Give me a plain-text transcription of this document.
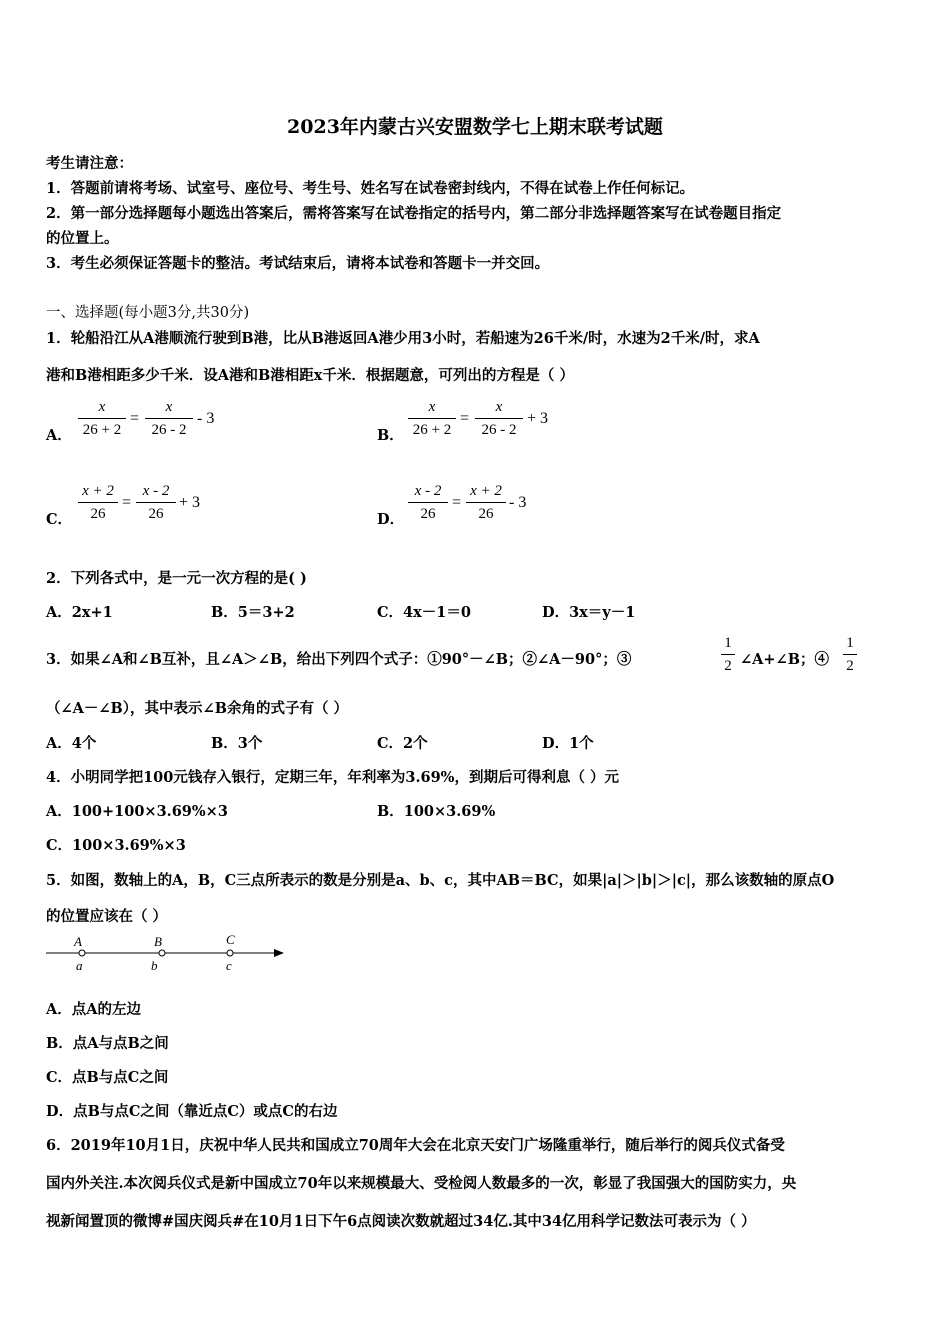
2023年内蒙古兴安盟数学七上期末联考试题
考生请注意：
1．答题前请将考场、试室号、座位号、考生号、姓名写在试卷密封线内，不得在试卷上作任何标记。
2．第一部分选择题每小题选出答案后，需将答案写在试卷指定的括号内，第二部分非选择题答案写在试卷题目指定
的位置上。
3．考生必须保证答题卡的整洁。考试结束后，请将本试卷和答题卡一并交回。
一、选择题(每小题3分,共30分)
1．轮船沿江从A港顺流行驶到B港，比从B港返回A港少用3小时，若船速为26千米/时，水速为2千米/时，求A
港和B港相距多少千米．设A港和B港相距x千米．根据题意，可列出的方程是（ ）
A．
x
26 + 2
=
x
26 - 2
- 3
B．
x
26 + 2
=
x
26 - 2
+ 3
C．
x + 2
26
=
x - 2
26
+ 3
D．
x - 2
26
=
x + 2
26
- 3
2．下列各式中，是一元一次方程的是( )
A．2x+1	B．5＝3+2	C．4x－1＝0	D．3x＝y－1
3．如果∠A和∠B互补，且∠A＞∠B，给出下列四个式子：①90°－∠B；②∠A－90°；③
1
2 ∠A+∠B；④
1
2
（∠A－∠B），其中表示∠B余角的式子有（ ）
A．4个	B．3个	C．2个	D．1个
4．小明同学把100元钱存入银行，定期三年，年利率为3.69%，到期后可得利息（ ）元
A．100+100×3.69%×3	B．100×3.69%
C．100×3.69%×3
5．如图，数轴上的A，B，C三点所表示的数是分别是a、b、c，其中AB＝BC，如果|a|＞|b|＞|c|，那么该数轴的原点O
的位置应该在（ ）
A	B	C
a	b	c
A．点A的左边
B．点A与点B之间
C．点B与点C之间
D．点B与点C之间（靠近点C）或点C的右边
6．2019年10月1日，庆祝中华人民共和国成立70周年大会在北京天安门广场隆重举行，随后举行的阅兵仪式备受
国内外关注.本次阅兵仪式是新中国成立70年以来规模最大、受检阅人数最多的一次，彰显了我国强大的国防实力，央
视新闻置顶的微博#国庆阅兵#在10月1日下午6点阅读次数就超过34亿.其中34亿用科学记数法可表示为（ ）
